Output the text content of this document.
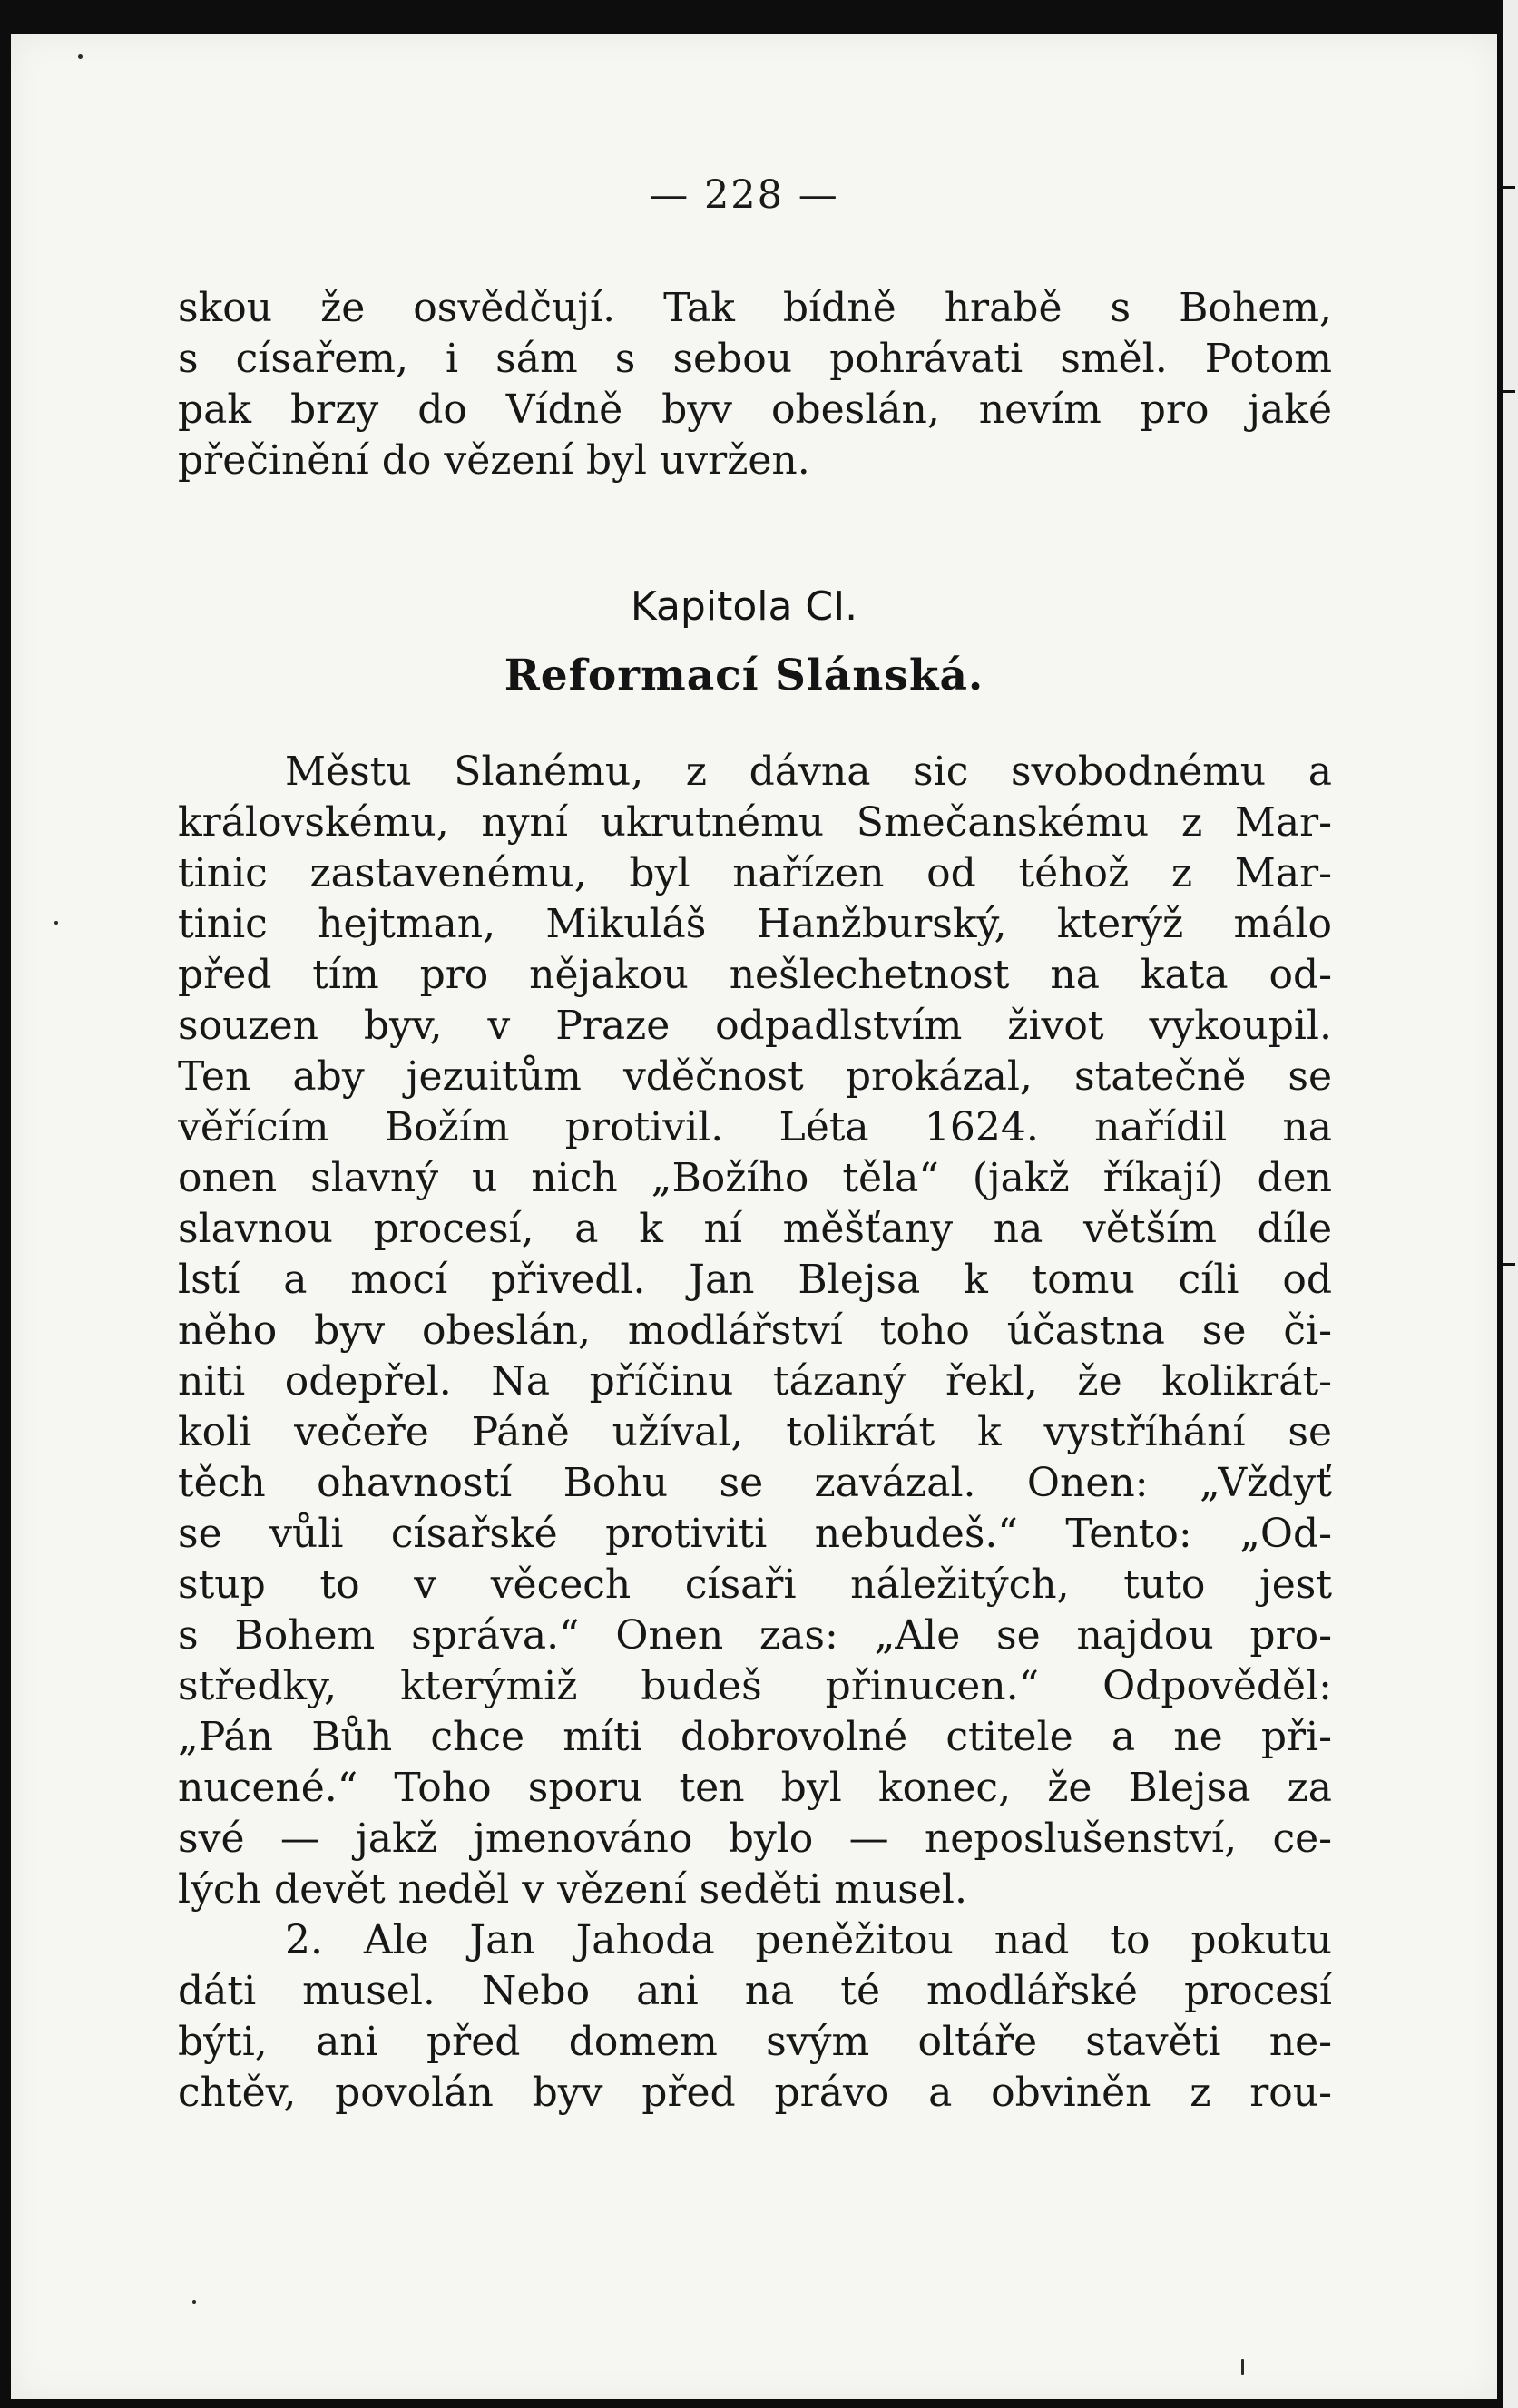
— 228 —
skou že osvědčují. Tak bídně hrabě s Bohem,
s císařem, i sám s sebou pohrávati směl. Potom
pak brzy do Vídně byv obeslán, nevím pro jaké
přečinění do vězení byl uvržen.
Kapitola CI.
Reformací Slánská.
Městu Slanému, z dávna sic svobodnému a
královskému, nyní ukrutnému Smečanskému z Mar-
tinic zastavenému, byl nařízen od téhož z Mar-
tinic hejtman, Mikuláš Hanžburský, kterýž málo
před tím pro nějakou nešlechetnost na kata od-
souzen byv, v Praze odpadlstvím život vykoupil.
Ten aby jezuitům vděčnost prokázal, statečně se
věřícím Božím protivil. Léta 1624. nařídil na
onen slavný u nich „Božího těla“ (jakž říkají) den
slavnou procesí, a k ní měšťany na větším díle
lstí a mocí přivedl. Jan Blejsa k tomu cíli od
něho byv obeslán, modlářství toho účastna se či-
niti odepřel. Na příčinu tázaný řekl, že kolikrát-
koli večeře Páně užíval, tolikrát k vystříhání se
těch ohavností Bohu se zavázal. Onen: „Vždyť
se vůli císařské protiviti nebudeš.“ Tento: „Od-
stup to v věcech císaři náležitých, tuto jest
s Bohem správa.“ Onen zas: „Ale se najdou pro-
středky, kterýmiž budeš přinucen.“ Odpověděl:
„Pán Bůh chce míti dobrovolné ctitele a ne při-
nucené.“ Toho sporu ten byl konec, že Blejsa za
své — jakž jmenováno bylo — neposlušenství, ce-
lých devět neděl v vězení seděti musel.
2. Ale Jan Jahoda peněžitou nad to pokutu
dáti musel. Nebo ani na té modlářské procesí
býti, ani před domem svým oltáře stavěti ne-
chtěv, povolán byv před právo a obviněn z rou-
